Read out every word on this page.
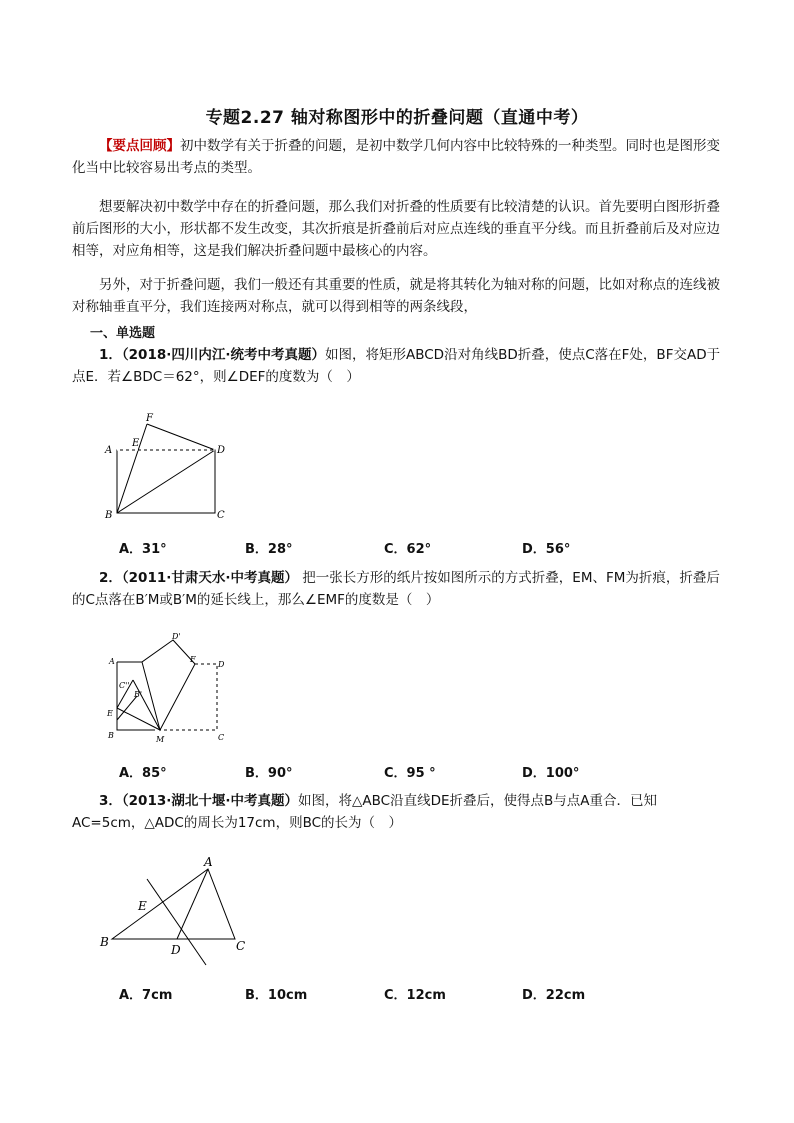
专题2.27 轴对称图形中的折叠问题（直通中考）
【要点回顾】初中数学有关于折叠的问题，是初中数学几何内容中比较特殊的一种类型。同时也是图形变化当中比较容易出考点的类型。
想要解决初中数学中存在的折叠问题，那么我们对折叠的性质要有比较清楚的认识。首先要明白图形折叠前后图形的大小，形状都不发生改变，其次折痕是折叠前后对应点连线的垂直平分线。而且折叠前后及对应边相等，对应角相等，这是我们解决折叠问题中最核心的内容。
另外，对于折叠问题，我们一般还有其重要的性质，就是将其转化为轴对称的问题，比如对称点的连线被对称轴垂直平分，我们连接两对称点，就可以得到相等的两条线段，
一、单选题
1．（2018·四川内江·统考中考真题）如图，将矩形ABCD沿对角线BD折叠，使点C落在F处，BF交AD于点E．若∠BDC＝62°，则∠DEF的度数为（　）
A
B	C
D
E
F
A．31°	B．28°	C．62°	D．56°
2．（2011·甘肃天水·中考真题） 把一张长方形的纸片按如图所示的方式折叠，EM、FM为折痕，折叠后的C点落在B′M或B′M的延长线上，那么∠EMF的度数是（　）
A
B	C
D
E
F
M
D'
B'
C''
A．85°	B．90°	C．95 °	D．100°
3．（2013·湖北十堰·中考真题）如图，将△ABC沿直线DE折叠后，使得点B与点A重合．已知AC=5cm，△ADC的周长为17cm，则BC的长为（　）
A
B	C
D
E
A．7cm	B．10cm	C．12cm	D．22cm
